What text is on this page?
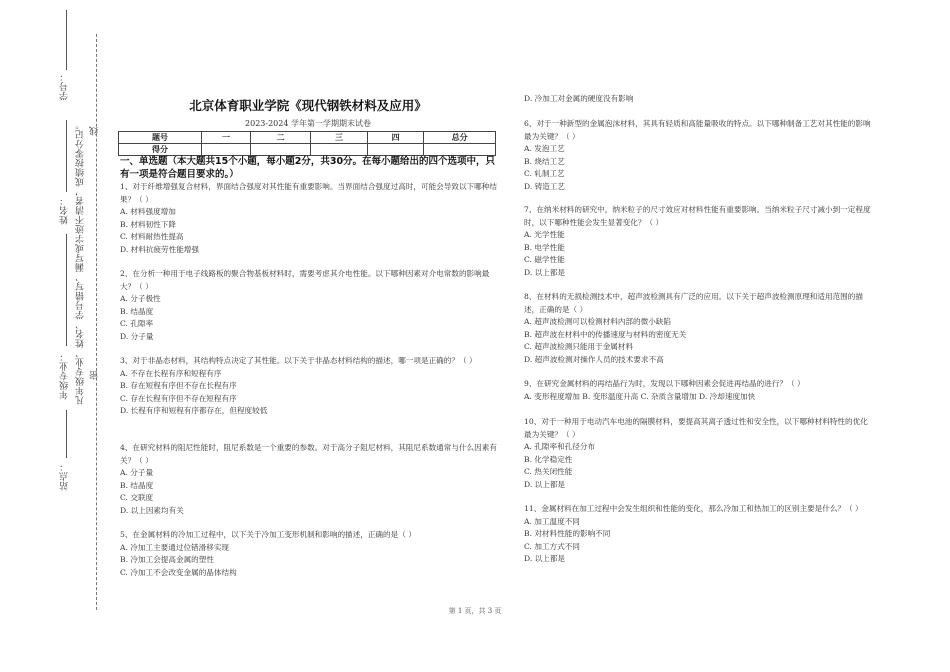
学号：
姓名：
年级专业：
站点：
凡年级专业、姓名、学号错写、漏写或字迹不清者，成绩按零分记。 线
密
北京体育职业学院《现代钢铁材料及应用》
2023-2024 学年第一学期期末试卷
题号	一	二	三	四	总分
得分					
一、单选题（本大题共15个小题，每小题2分，共30分。在每小题给出的四个选项中，只有一项是符合题目要求的。）
1、对于纤维增强复合材料，界面结合强度对其性能有重要影响。当界面结合强度过高时，可能会导致以下哪种结果？（ ）
A. 材料强度增加
B. 材料韧性下降
C. 材料耐热性提高
D. 材料抗疲劳性能增强
2、在分析一种用于电子线路板的聚合物基板材料时，需要考虑其介电性能。以下哪种因素对介电常数的影响最大？（ ）
A. 分子极性
B. 结晶度
C. 孔隙率
D. 分子量
3、对于非晶态材料，其结构特点决定了其性能。以下关于非晶态材料结构的描述，哪一项是正确的？（ ）
A. 不存在长程有序和短程有序
B. 存在短程有序但不存在长程有序
C. 存在长程有序但不存在短程有序
D. 长程有序和短程有序都存在，但程度较低
4、在研究材料的阻尼性能时，阻尼系数是一个重要的参数。对于高分子阻尼材料，其阻尼系数通常与什么因素有关？（ ）
A. 分子量
B. 结晶度
C. 交联度
D. 以上因素均有关
5、在金属材料的冷加工过程中，以下关于冷加工变形机制和影响的描述，正确的是（ ）
A. 冷加工主要通过位错滑移实现
B. 冷加工会提高金属的塑性
C. 冷加工不会改变金属的晶体结构
D. 冷加工对金属的硬度没有影响
6、对于一种新型的金属泡沫材料，其具有轻质和高能量吸收的特点。以下哪种制备工艺对其性能的影响最为关键？（ ）
A. 发泡工艺
B. 烧结工艺
C. 轧制工艺
D. 铸造工艺
7、在纳米材料的研究中，纳米粒子的尺寸效应对材料性能有重要影响。当纳米粒子尺寸减小到一定程度时，以下哪种性能会发生显著变化？（ ）
A. 光学性能
B. 电学性能
C. 磁学性能
D. 以上都是
8、在材料的无损检测技术中，超声波检测具有广泛的应用。以下关于超声波检测原理和适用范围的描述，正确的是（ ）
A. 超声波检测可以检测材料内部的微小缺陷
B. 超声波在材料中的传播速度与材料的密度无关
C. 超声波检测只能用于金属材料
D. 超声波检测对操作人员的技术要求不高
9、在研究金属材料的再结晶行为时，发现以下哪种因素会促进再结晶的进行？（ ）
A. 变形程度增加 B. 变形温度升高 C. 杂质含量增加 D. 冷却速度加快
10、对于一种用于电动汽车电池的隔膜材料，要提高其离子透过性和安全性，以下哪种材料特性的优化最为关键？（ ）
A. 孔隙率和孔径分布
B. 化学稳定性
C. 热关闭性能
D. 以上都是
11、金属材料在加工过程中会发生组织和性能的变化，那么冷加工和热加工的区别主要是什么？（ ）
A. 加工温度不同
B. 对材料性能的影响不同
C. 加工方式不同
D. 以上都是
第 1 页，共 3 页
